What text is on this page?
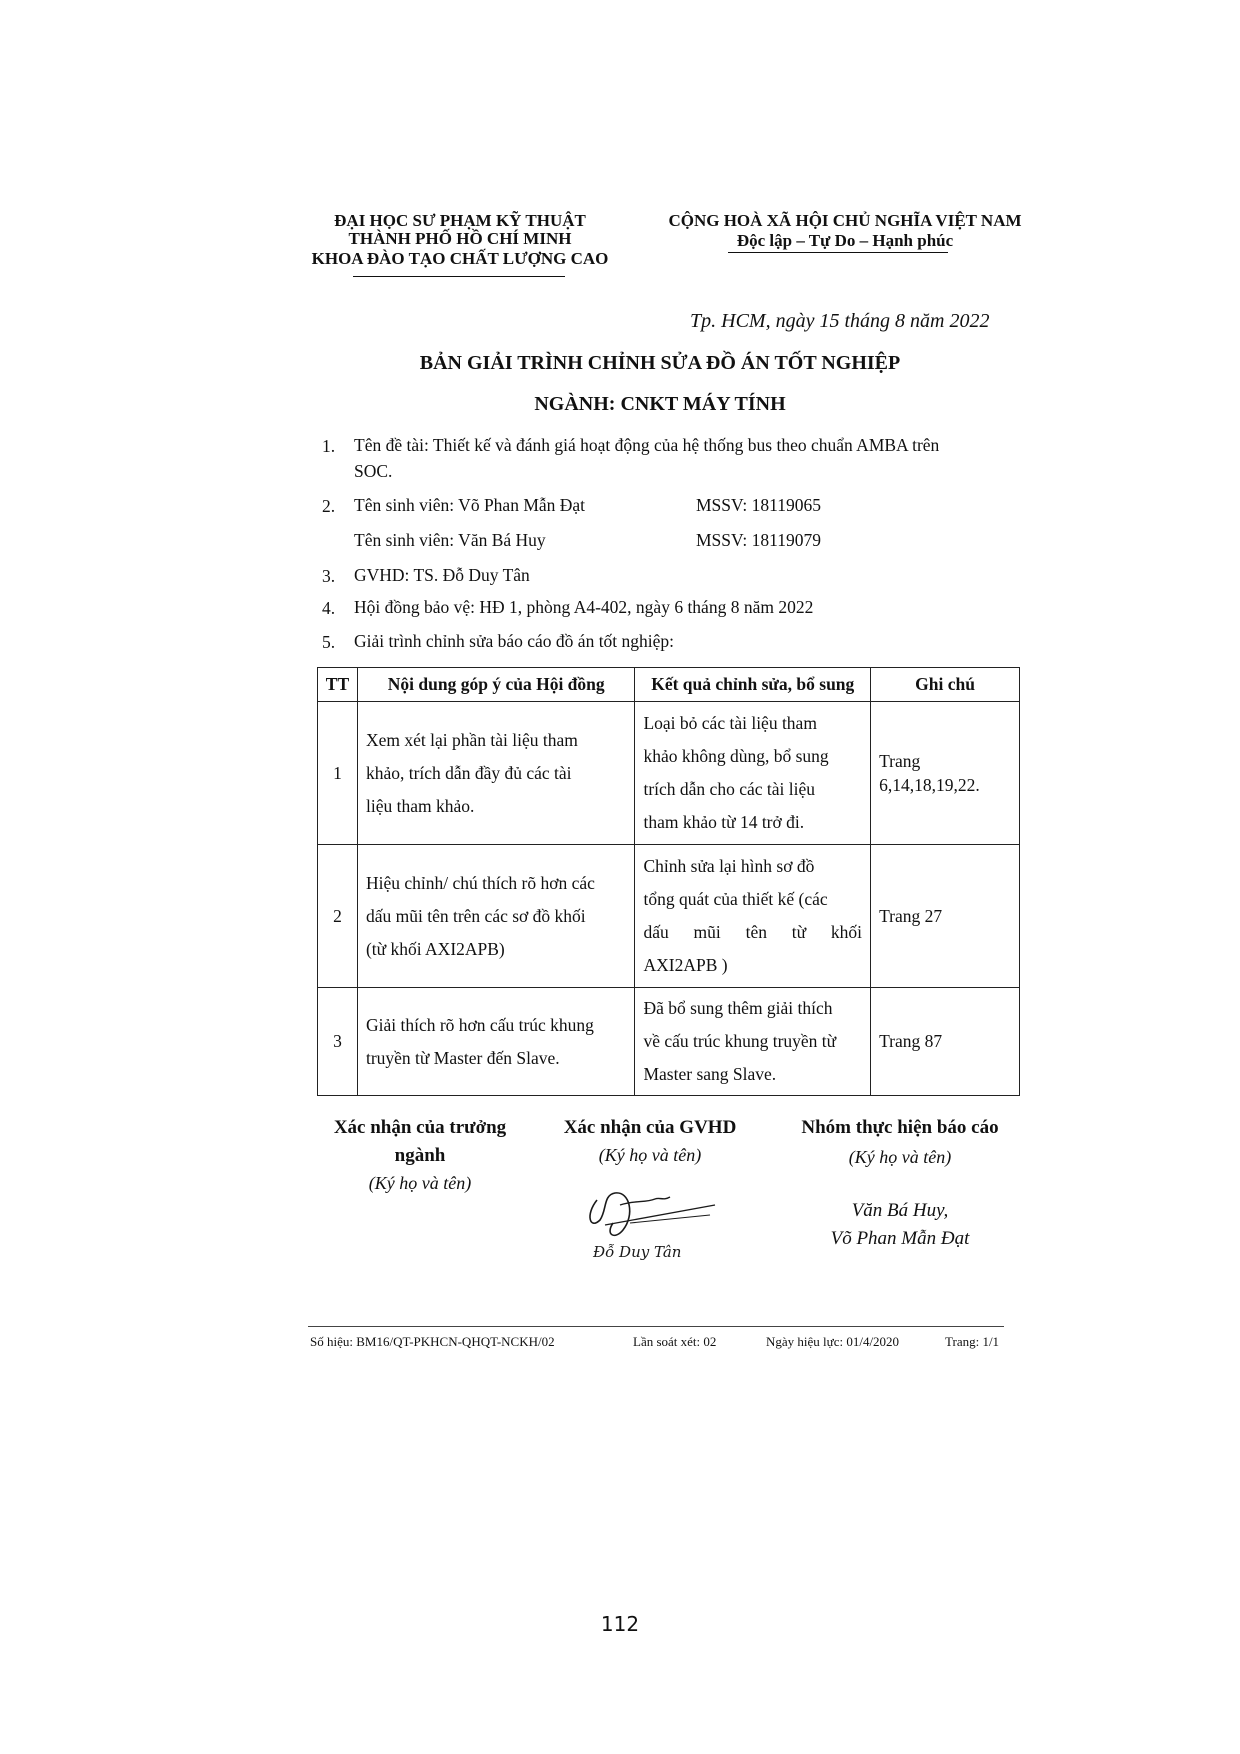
ĐẠI HỌC SƯ PHẠM KỸ THUẬT
THÀNH PHỐ HỒ CHÍ MINH
KHOA ĐÀO TẠO CHẤT LƯỢNG CAO
CỘNG HOÀ XÃ HỘI CHỦ NGHĨA VIỆT NAM
Độc lập – Tự Do – Hạnh phúc
Tp. HCM, ngày 15 tháng 8 năm 2022
BẢN GIẢI TRÌNH CHỈNH SỬA ĐỒ ÁN TỐT NGHIỆP
NGÀNH: CNKT MÁY TÍNH
1. Tên đề tài: Thiết kế và đánh giá hoạt động của hệ thống bus theo chuẩn AMBA trên
SOC.
2. Tên sinh viên: Võ Phan Mẫn Đạt	MSSV: 18119065
Tên sinh viên: Văn Bá Huy	MSSV: 18119079
3. GVHD: TS. Đỗ Duy Tân
4. Hội đồng bảo vệ: HĐ 1, phòng A4-402, ngày 6 tháng 8 năm 2022
5. Giải trình chỉnh sửa báo cáo đồ án tốt nghiệp:
TT	Nội dung góp ý của Hội đồng	Kết quả chỉnh sửa, bổ sung	Ghi chú
1	Xem xét lại phần tài liệu tham
khảo, trích dẫn đầy đủ các tài
liệu tham khảo.	Loại bỏ các tài liệu tham
khảo không dùng, bổ sung
trích dẫn cho các tài liệu
tham khảo từ 14 trở đi.	Trang
6,14,18,19,22.

2	Hiệu chỉnh/ chú thích rõ hơn các
dấu mũi tên trên các sơ đồ khối
(từ khối AXI2APB)	Chỉnh sửa lại hình sơ đồ
tổng quát của thiết kế (các
dấu mũi tên từ khối
AXI2APB )	Trang 27

3	Giải thích rõ hơn cấu trúc khung
truyền từ Master đến Slave.	Đã bổ sung thêm giải thích
về cấu trúc khung truyền từ
Master sang Slave.	Trang 87
Xác nhận của trưởng
ngành
(Ký họ và tên)
Xác nhận của GVHD
(Ký họ và tên)
Đỗ Duy Tân
Nhóm thực hiện báo cáo
(Ký họ và tên)
Văn Bá Huy,
Võ Phan Mẫn Đạt
Số hiệu: BM16/QT-PKHCN-QHQT-NCKH/02	Lần soát xét: 02	Ngày hiệu lực: 01/4/2020	Trang: 1/1
112
